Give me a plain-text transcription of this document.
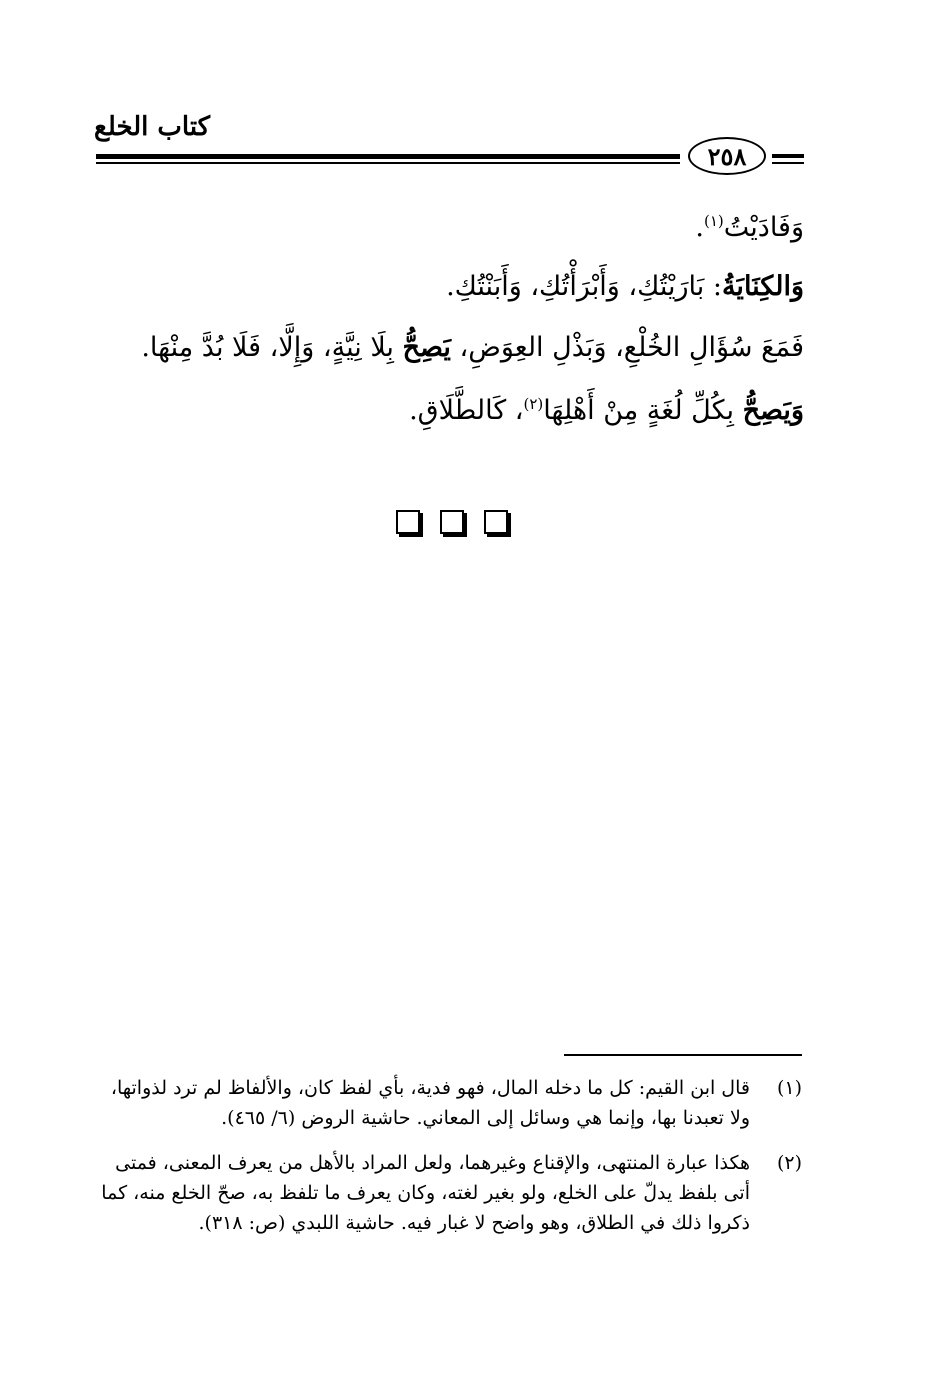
كتاب الخلع
٢٥٨
وَفَادَيْتُ$^{(١)}$.
وَالكِنَايَةُ: بَارَيْتُكِ، وَأَبْرَأْتُكِ، وَأَبَنْتُكِ.
فَمَعَ سُؤَالِ الخُلْعِ، وَبَذْلِ العِوَضِ، يَصِحُّ بِلَا نِيَّةٍ، وَإِلَّا، فَلَا بُدَّ مِنْهَا.
وَيَصِحُّ بِكُلِّ لُغَةٍ مِنْ أَهْلِهَا$^{(٢)}$، كَالطَّلَاقِ.
(١)
قال ابن القيم: كل ما دخله المال، فهو فدية، بأي لفظ كان، والألفاظ لم ترد لذواتها، ولا تعبدنا بها، وإنما هي وسائل إلى المعاني. حاشية الروض (٦/ ٤٦٥).
(٢)
هكذا عبارة المنتهى، والإقناع وغيرهما، ولعل المراد بالأهل من يعرف المعنى، فمتى أتى بلفظ يدلّ على الخلع، ولو بغير لغته، وكان يعرف ما تلفظ به، صحّ الخلع منه، كما ذكروا ذلك في الطلاق، وهو واضح لا غبار فيه. حاشية اللبدي (ص: ٣١٨).
